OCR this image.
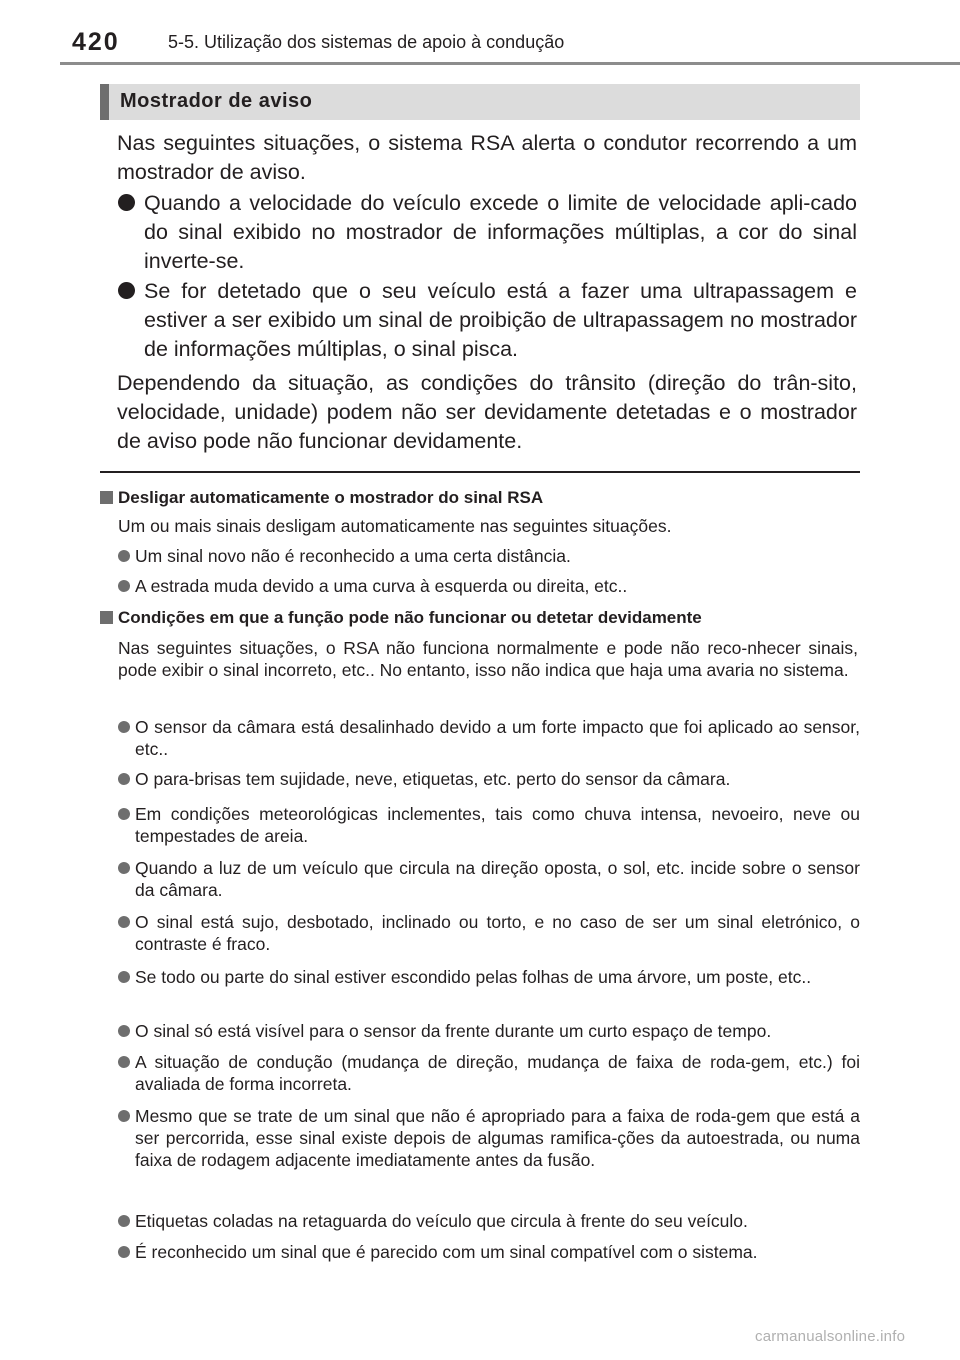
420	5-5. Utilização dos sistemas de apoio à condução
Mostrador de aviso

Nas seguintes situações, o sistema RSA alerta o condutor recorrendo a um mostrador de aviso.

Quando a velocidade do veículo excede o limite de velocidade apli-cado do sinal exibido no mostrador de informações múltiplas, a cor do sinal inverte-se.
Se for detetado que o seu veículo está a fazer uma ultrapassagem e estiver a ser exibido um sinal de proibição de ultrapassagem no mostrador de informações múltiplas, o sinal pisca.

Dependendo da situação, as condições do trânsito (direção do trân-sito, velocidade, unidade) podem não ser devidamente detetadas e o mostrador de aviso pode não funcionar devidamente.

Desligar automaticamente o mostrador do sinal RSA
Um ou mais sinais desligam automaticamente nas seguintes situações.
Um sinal novo não é reconhecido a uma certa distância.
A estrada muda devido a uma curva à esquerda ou direita, etc..
Condições em que a função pode não funcionar ou detetar devidamente
Nas seguintes situações, o RSA não funciona normalmente e pode não reco-nhecer sinais, pode exibir o sinal incorreto, etc.. No entanto, isso não indica que haja uma avaria no sistema.
O sensor da câmara está desalinhado devido a um forte impacto que foi aplicado ao sensor, etc..
O para-brisas tem sujidade, neve, etiquetas, etc. perto do sensor da câmara.
Em condições meteorológicas inclementes, tais como chuva intensa, nevoeiro, neve ou tempestades de areia.
Quando a luz de um veículo que circula na direção oposta, o sol, etc. incide sobre o sensor da câmara.
O sinal está sujo, desbotado, inclinado ou torto, e no caso de ser um sinal eletrónico, o contraste é fraco.
Se todo ou parte do sinal estiver escondido pelas folhas de uma árvore, um poste, etc..
O sinal só está visível para o sensor da frente durante um curto espaço de tempo.
A situação de condução (mudança de direção, mudança de faixa de roda-gem, etc.) foi avaliada de forma incorreta.
Mesmo que se trate de um sinal que não é apropriado para a faixa de roda-gem que está a ser percorrida, esse sinal existe depois de algumas ramifica-ções da autoestrada, ou numa faixa de rodagem adjacente imediatamente antes da fusão.
Etiquetas coladas na retaguarda do veículo que circula à frente do seu veículo.
É reconhecido um sinal que é parecido com um sinal compatível com o sistema.
carmanualsonline.info
